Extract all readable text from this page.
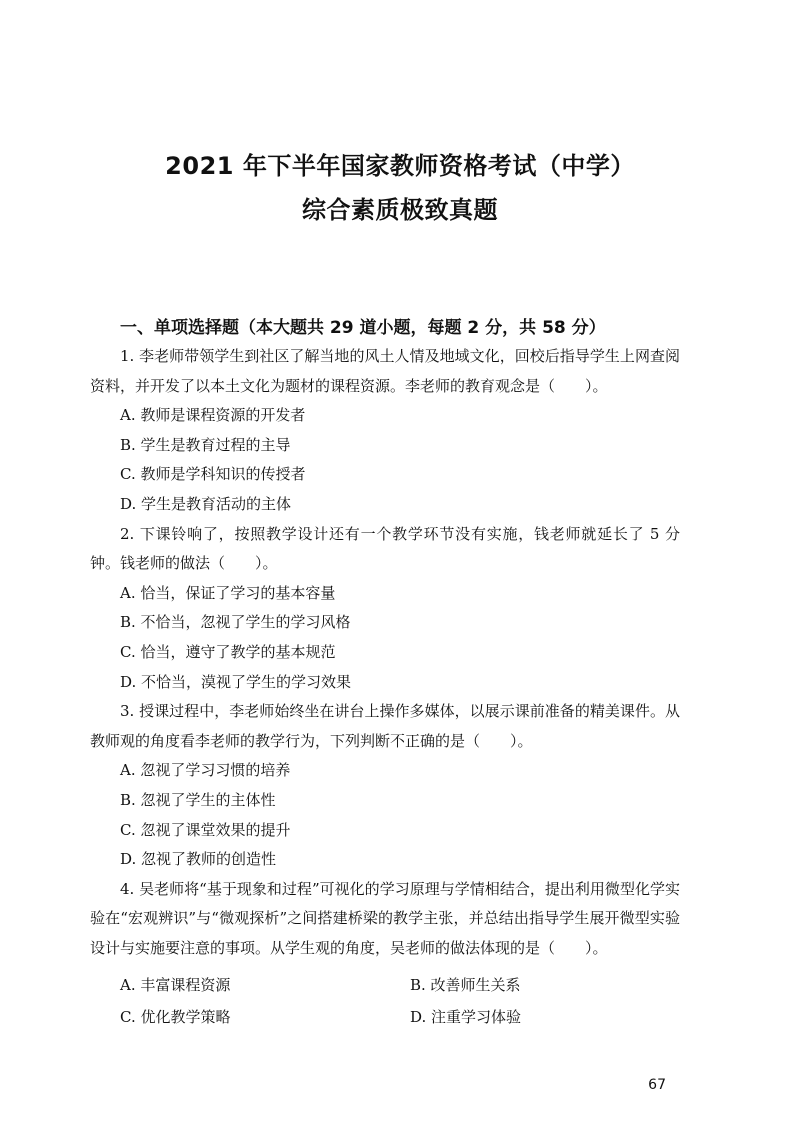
2021 年下半年国家教师资格考试（中学）
综合素质极致真题
一、单项选择题（本大题共 29 道小题，每题 2 分，共 58 分）

1. 李老师带领学生到社区了解当地的风土人情及地域文化，回校后指导学生上网查阅资料，并开发了以本土文化为题材的课程资源。李老师的教育观念是（　　）。

A. 教师是课程资源的开发者

B. 学生是教育过程的主导

C. 教师是学科知识的传授者

D. 学生是教育活动的主体

2. 下课铃响了，按照教学设计还有一个教学环节没有实施，钱老师就延长了 5 分钟。钱老师的做法（　　）。

A. 恰当，保证了学习的基本容量

B. 不恰当，忽视了学生的学习风格

C. 恰当，遵守了教学的基本规范

D. 不恰当，漠视了学生的学习效果

3. 授课过程中，李老师始终坐在讲台上操作多媒体，以展示课前准备的精美课件。从教师观的角度看李老师的教学行为，下列判断不正确的是（　　）。

A. 忽视了学习习惯的培养

B. 忽视了学生的主体性

C. 忽视了课堂效果的提升

D. 忽视了教师的创造性

4. 吴老师将“基于现象和过程”可视化的学习原理与学情相结合，提出利用微型化学实验在“宏观辨识”与“微观探析”之间搭建桥梁的教学主张，并总结出指导学生展开微型实验设计与实施要注意的事项。从学生观的角度，吴老师的做法体现的是（　　）。

A. 丰富课程资源	B. 改善师生关系
C. 优化教学策略	D. 注重学习体验
67
